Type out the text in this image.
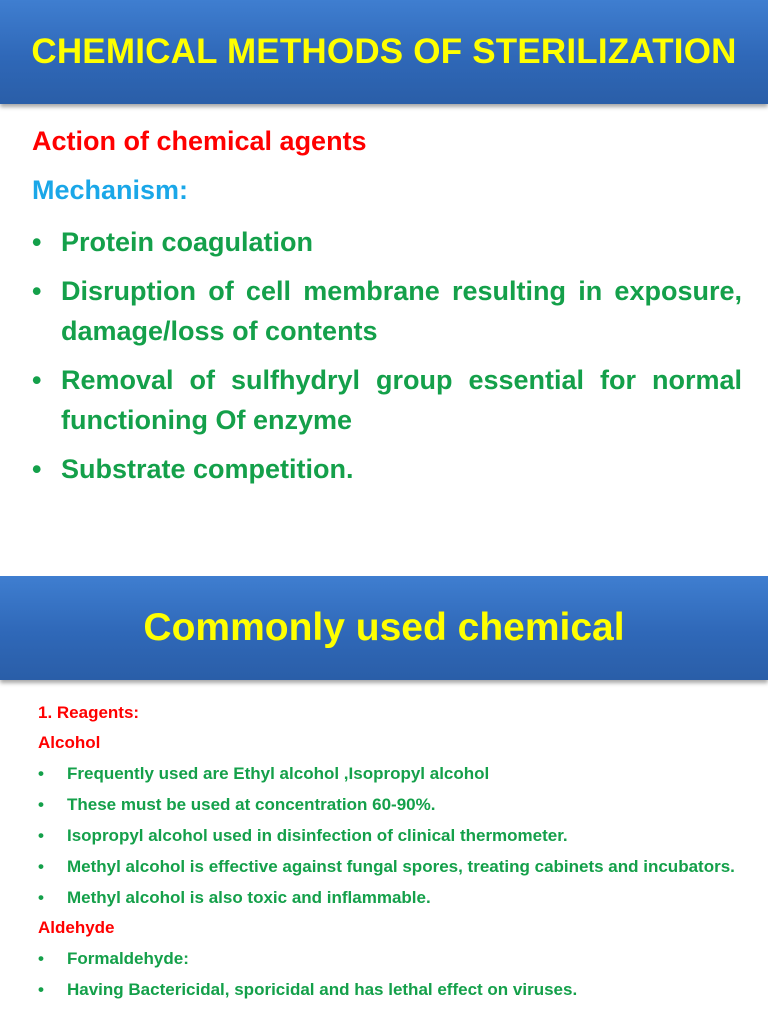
CHEMICAL METHODS OF STERILIZATION
Action of chemical agents
Mechanism:
• Protein coagulation
• Disruption of cell membrane resulting in exposure, damage/loss of contents
• Removal of sulfhydryl group essential for normal functioning Of enzyme
• Substrate competition.
Commonly used chemical
1. Reagents:
Alcohol
• Frequently used are Ethyl alcohol ,Isopropyl alcohol
• These must be used at concentration 60-90%.
• Isopropyl alcohol used in disinfection of clinical thermometer.
• Methyl alcohol is effective against fungal spores, treating cabinets and incubators.
• Methyl alcohol is also toxic and inflammable.
Aldehyde
• Formaldehyde:
• Having Bactericidal, sporicidal and has lethal effect on viruses.
